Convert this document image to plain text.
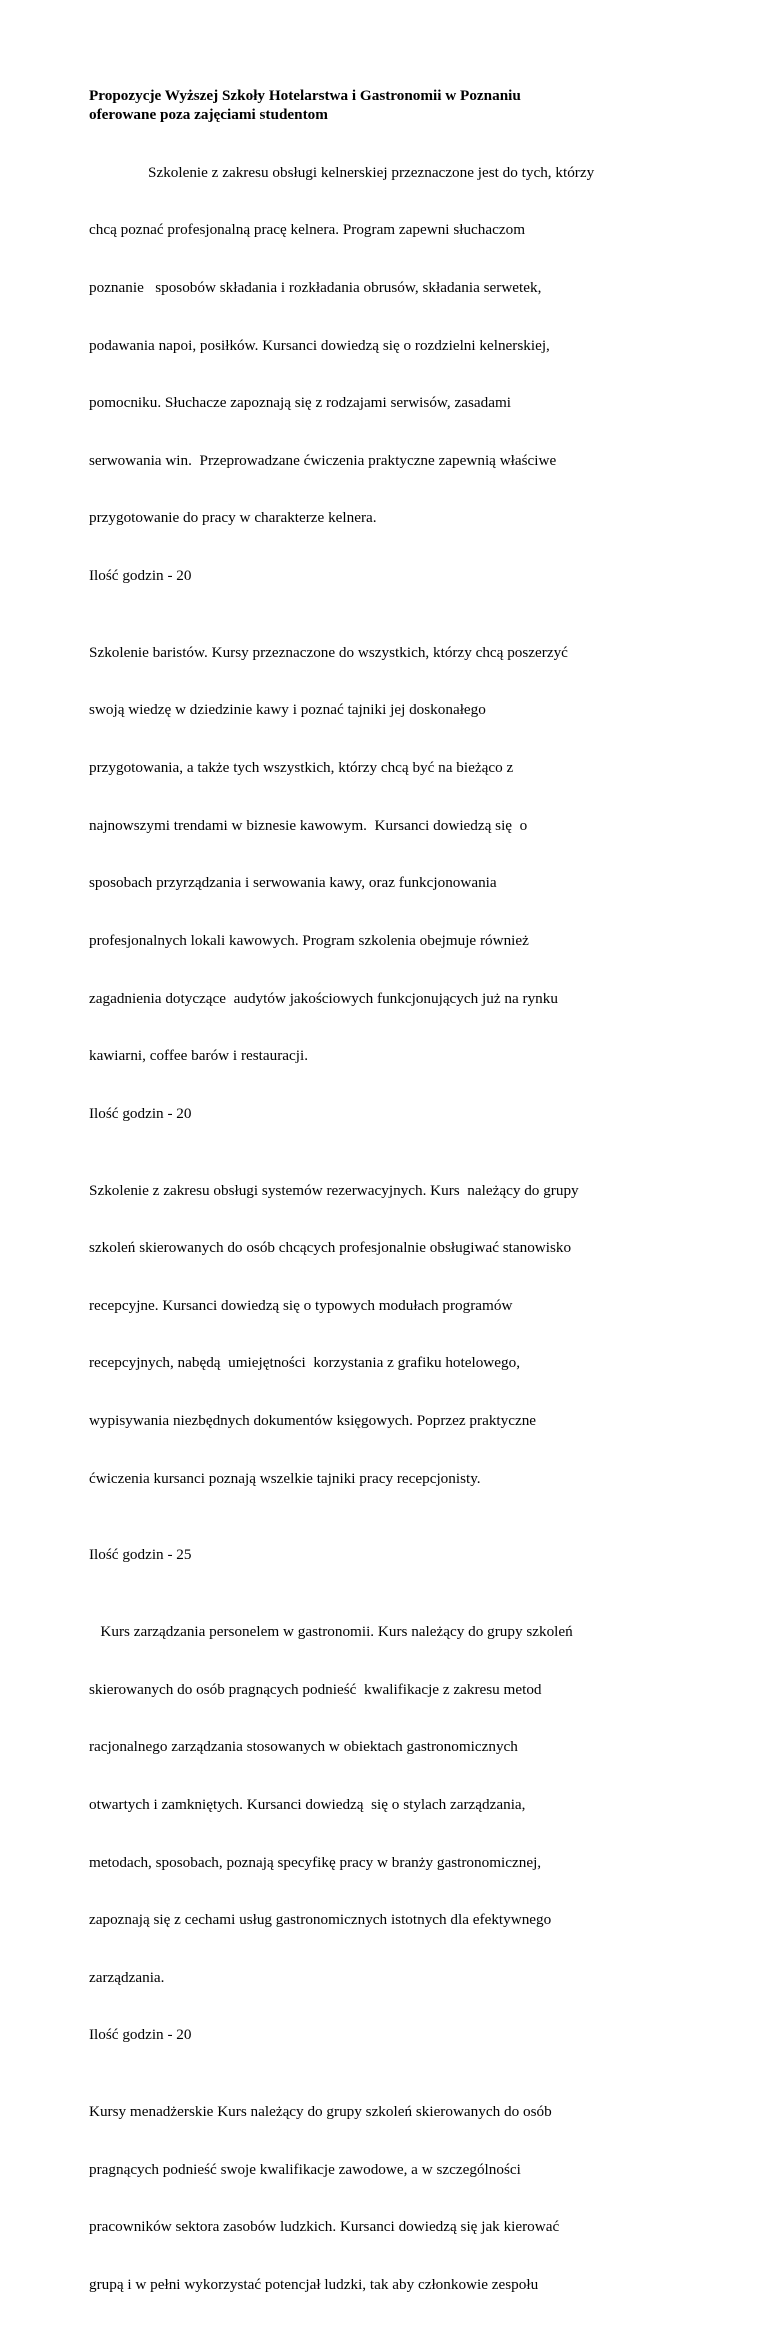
Propozycje Wyższej Szkoły Hotelarstwa i Gastronomii w Poznaniu
oferowane poza zajęciami studentom

Szkolenie z zakresu obsługi kelnerskiej przeznaczone jest do tych, którzy

chcą poznać profesjonalną pracę kelnera. Program zapewni słuchaczom

poznanie   sposobów składania i rozkładania obrusów, składania serwetek,

podawania napoi, posiłków. Kursanci dowiedzą się o rozdzielni kelnerskiej,

pomocniku. Słuchacze zapoznają się z rodzajami serwisów, zasadami

serwowania win.  Przeprowadzane ćwiczenia praktyczne zapewnią właściwe

przygotowanie do pracy w charakterze kelnera.

Ilość godzin - 20

Szkolenie baristów. Kursy przeznaczone do wszystkich, którzy chcą poszerzyć

swoją wiedzę w dziedzinie kawy i poznać tajniki jej doskonałego

przygotowania, a także tych wszystkich, którzy chcą być na bieżąco z

najnowszymi trendami w biznesie kawowym.  Kursanci dowiedzą się  o

sposobach przyrządzania i serwowania kawy, oraz funkcjonowania

profesjonalnych lokali kawowych. Program szkolenia obejmuje również

zagadnienia dotyczące  audytów jakościowych funkcjonujących już na rynku

kawiarni, coffee barów i restauracji.

Ilość godzin - 20

Szkolenie z zakresu obsługi systemów rezerwacyjnych. Kurs  należący do grupy

szkoleń skierowanych do osób chcących profesjonalnie obsługiwać stanowisko

recepcyjne. Kursanci dowiedzą się o typowych modułach programów

recepcyjnych, nabędą  umiejętności  korzystania z grafiku hotelowego,

wypisywania niezbędnych dokumentów księgowych. Poprzez praktyczne

ćwiczenia kursanci poznają wszelkie tajniki pracy recepcjonisty.

Ilość godzin - 25

Kurs zarządzania personelem w gastronomii. Kurs należący do grupy szkoleń

skierowanych do osób pragnących podnieść  kwalifikacje z zakresu metod

racjonalnego zarządzania stosowanych w obiektach gastronomicznych

otwartych i zamkniętych. Kursanci dowiedzą  się o stylach zarządzania,

metodach, sposobach, poznają specyfikę pracy w branży gastronomicznej,

zapoznają się z cechami usług gastronomicznych istotnych dla efektywnego

zarządzania.

Ilość godzin - 20

Kursy menadżerskie Kurs należący do grupy szkoleń skierowanych do osób

pragnących podnieść swoje kwalifikacje zawodowe, a w szczególności

pracowników sektora zasobów ludzkich. Kursanci dowiedzą się jak kierować

grupą i w pełni wykorzystać potencjał ludzki, tak aby członkowie zespołu
